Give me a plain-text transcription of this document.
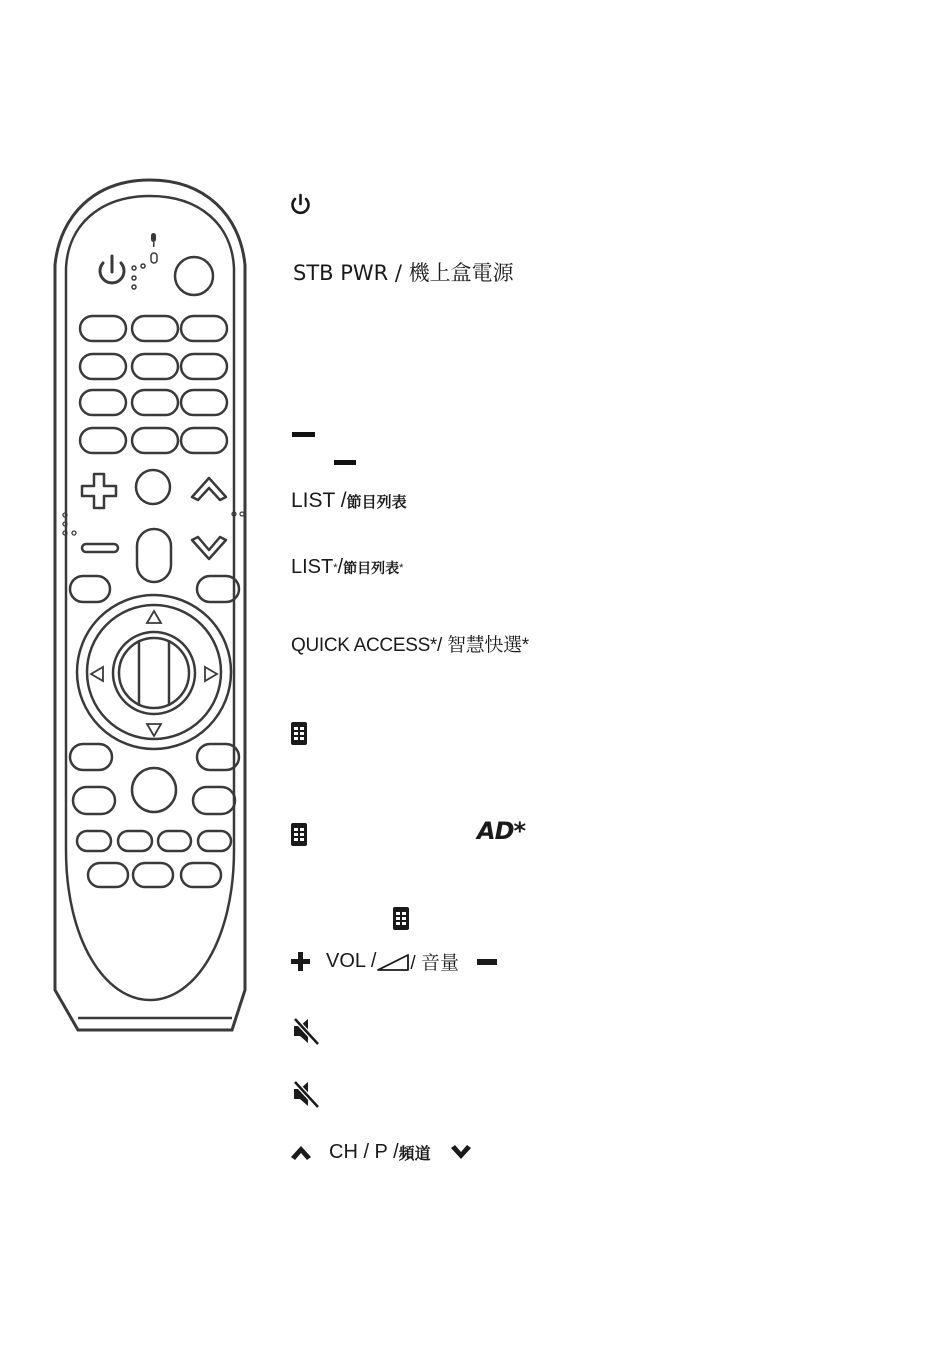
STB PWR / 機上盒電源
LIST / 節目列表
LIST * / 節目列表 *
QUICK ACCESS*/ 智慧快選*
AD*
VOL / / 音量
CH / P / 頻道
